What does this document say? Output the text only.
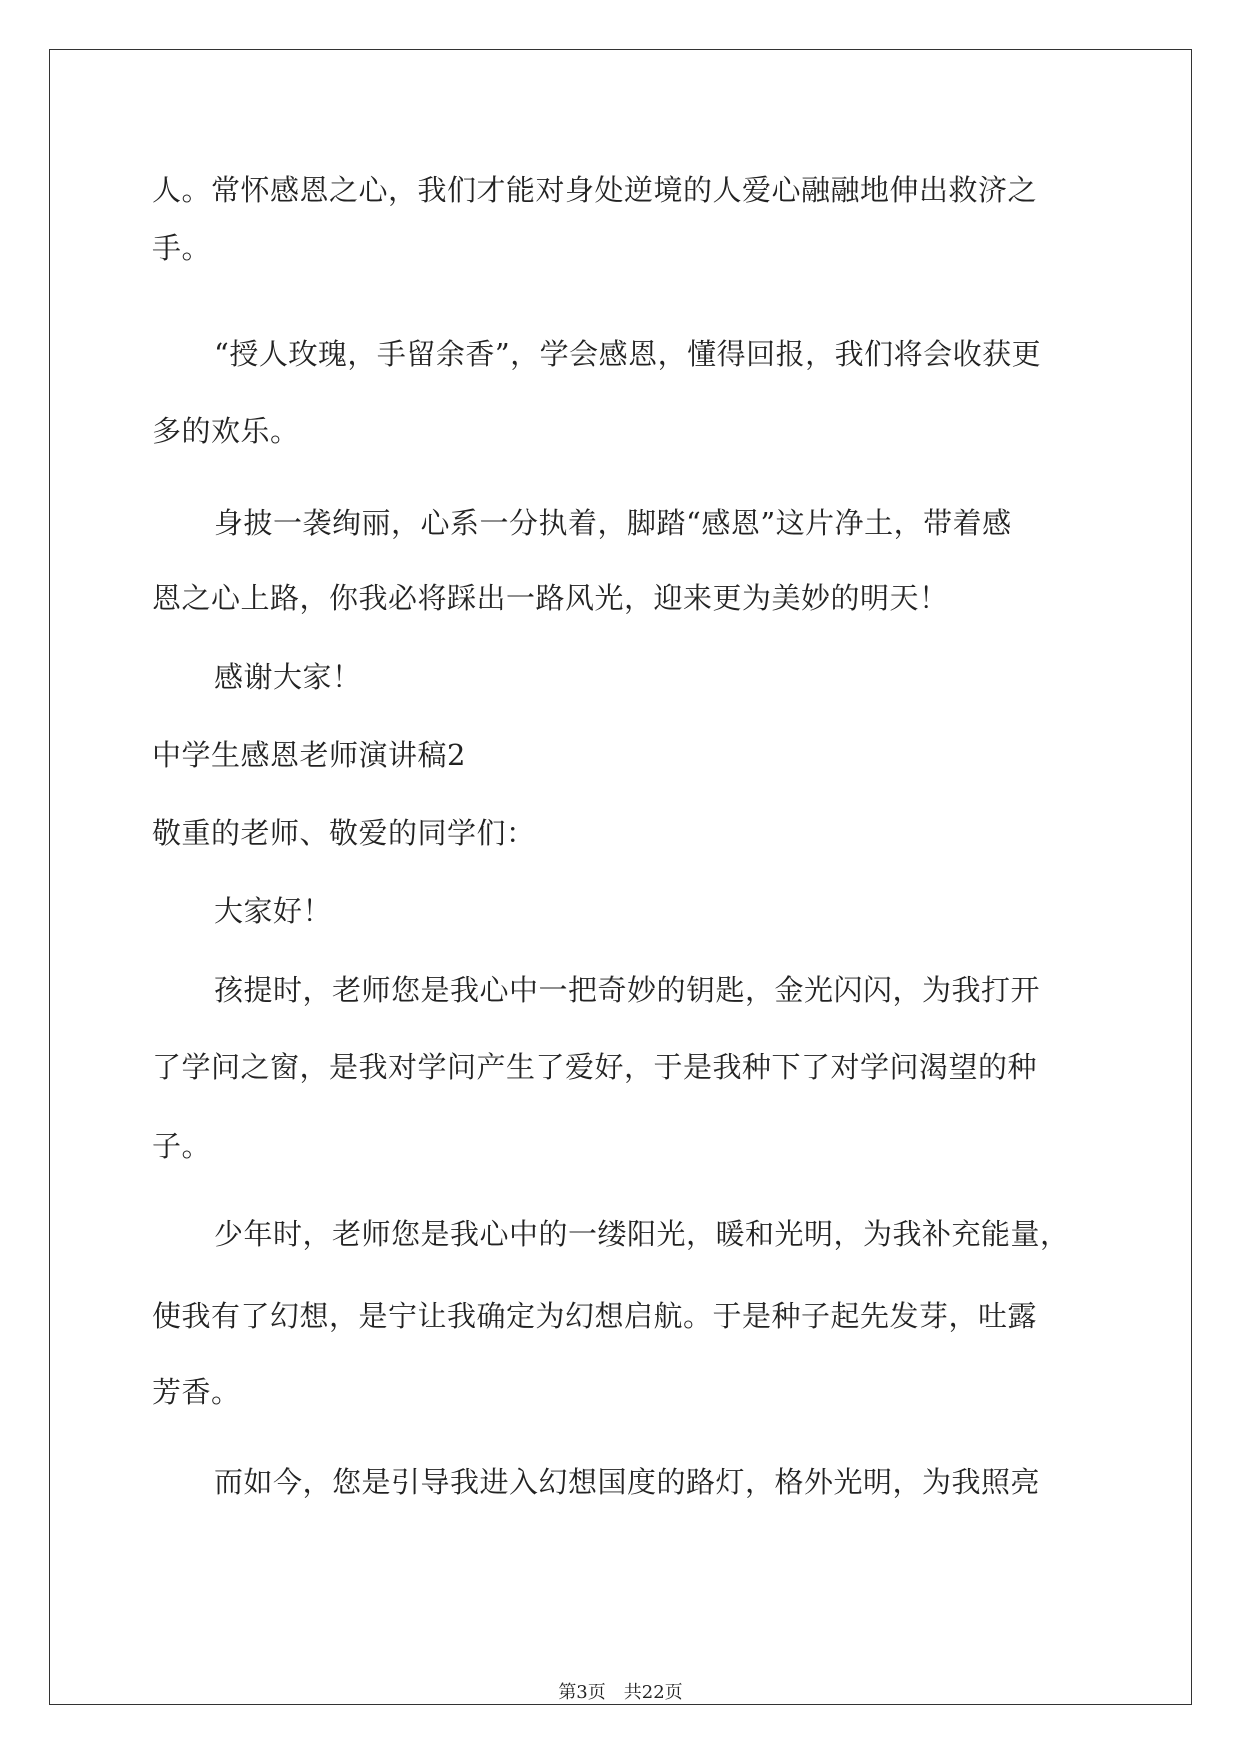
人。常怀感恩之心，我们才能对身处逆境的人爱心融融地伸出救济之
手。
“授人玫瑰，手留余香”，学会感恩，懂得回报，我们将会收获更
多的欢乐。
身披一袭绚丽，心系一分执着，脚踏“感恩”这片净土，带着感
恩之心上路，你我必将踩出一路风光，迎来更为美妙的明天！
感谢大家！
中学生感恩老师演讲稿2
敬重的老师、敬爱的同学们：
大家好！
孩提时，老师您是我心中一把奇妙的钥匙，金光闪闪，为我打开
了学问之窗，是我对学问产生了爱好，于是我种下了对学问渴望的种
子。
少年时，老师您是我心中的一缕阳光，暖和光明，为我补充能量，
使我有了幻想，是宁让我确定为幻想启航。于是种子起先发芽，吐露
芳香。
而如今，您是引导我进入幻想国度的路灯，格外光明，为我照亮
第3页 共22页
